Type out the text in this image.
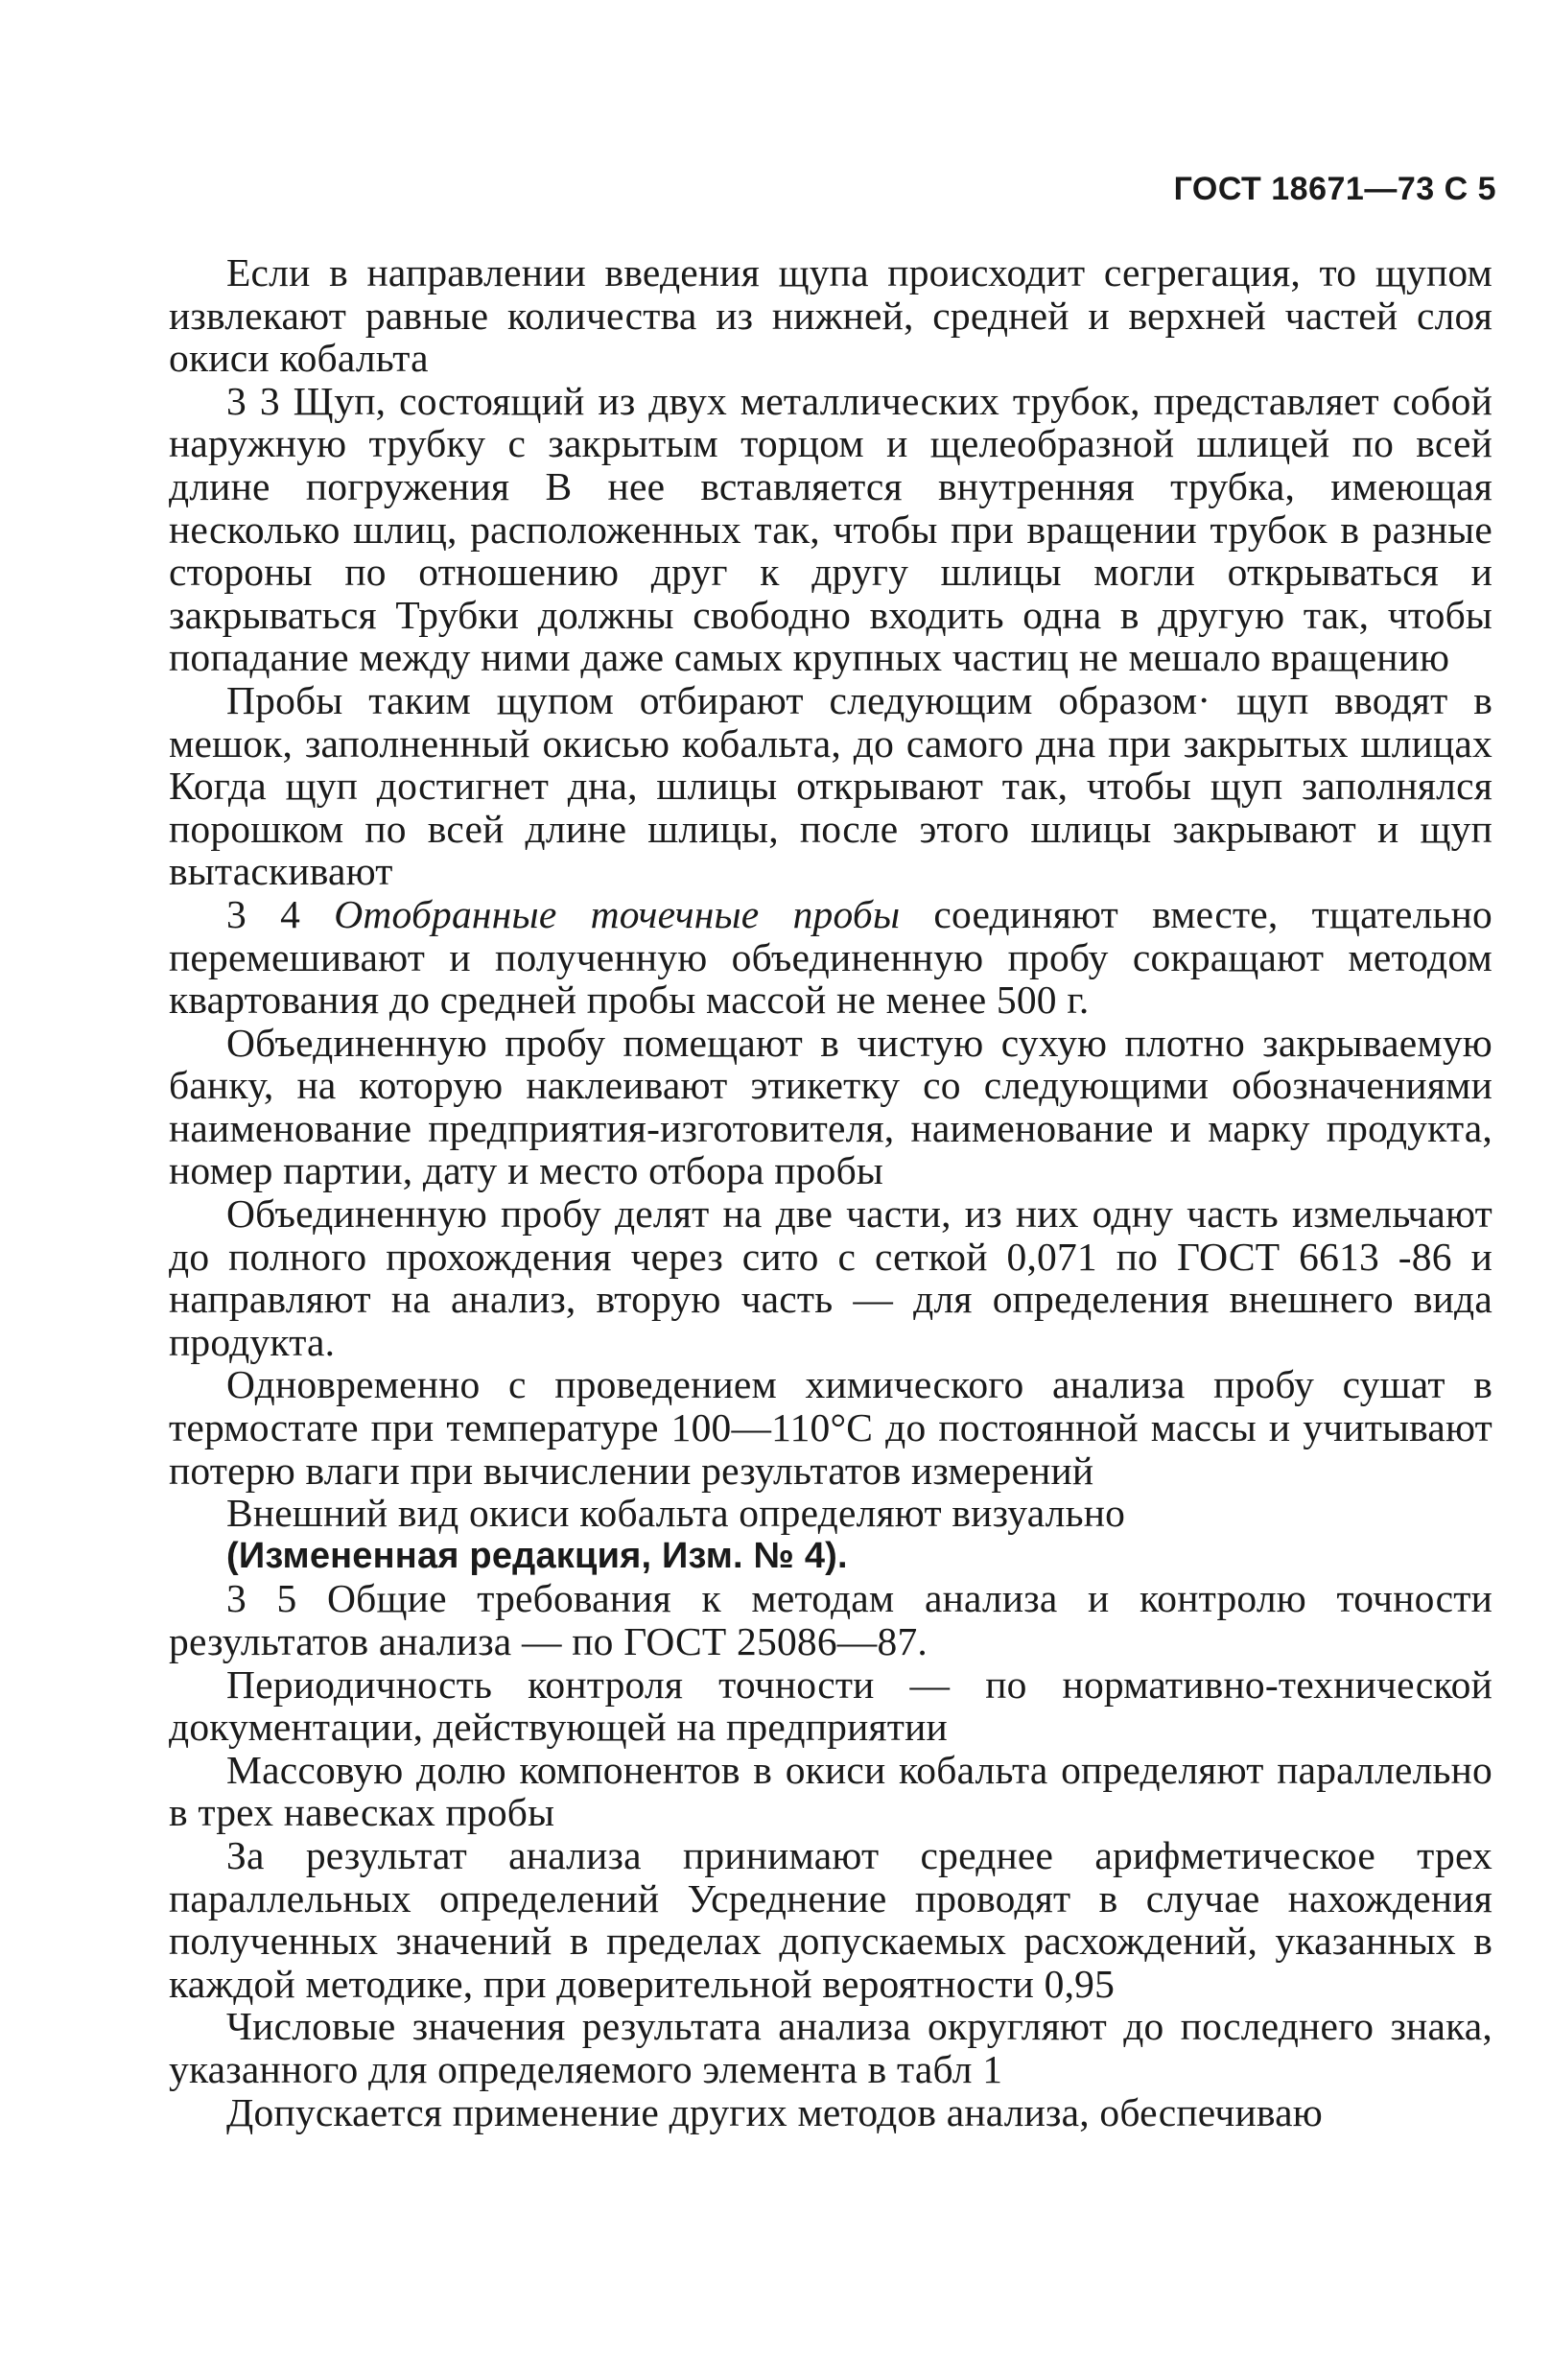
ГОСТ 18671—73 С 5

Если в направлении введения щупа происходит сегрегация, то щупом извлекают равные количества из нижней, средней и верхней частей слоя окиси кобальта

3 3 Щуп, состоящий из двух металлических трубок, представляет собой наружную трубку с закрытым торцом и щелеобразной шлицей по всей длине погружения В нее вставляется внутренняя трубка, имеющая несколько шлиц, расположенных так, чтобы при вращении трубок в разные стороны по отношению друг к другу шлицы могли открываться и закрываться Трубки должны свободно входить одна в другую так, чтобы попадание между ними даже самых крупных частиц не мешало вращению

Пробы таким щупом отбирают следующим образом· щуп вводят в мешок, заполненный окисью кобальта, до самого дна при закрытых шлицах Когда щуп достигнет дна, шлицы открывают так, чтобы щуп заполнялся порошком по всей длине шлицы, после этого шлицы закрывают и щуп вытаскивают

3 4 Отобранные точечные пробы соединяют вместе, тщательно перемешивают и полученную объединенную пробу сокращают методом квартования до средней пробы массой не менее 500 г.

Объединенную пробу помещают в чистую сухую плотно закрываемую банку, на которую наклеивают этикетку со следующими обозначениями наименование предприятия-изготовителя, наименование и марку продукта, номер партии, дату и место отбора пробы

Объединенную пробу делят на две части, из них одну часть измельчают до полного прохождения через сито с сеткой 0,071 по ГОСТ 6613 -86 и направляют на анализ, вторую часть — для определения внешнего вида продукта.

Одновременно с проведением химического анализа пробу сушат в термостате при температуре 100—110°С до постоянной массы и учитывают потерю влаги при вычислении результатов измерений

Внешний вид окиси кобальта определяют визуально

(Измененная редакция, Изм. № 4).

3 5 Общие требования к методам анализа и контролю точности результатов анализа — по ГОСТ 25086—87.

Периодичность контроля точности — по нормативно-технической документации, действующей на предприятии

Массовую долю компонентов в окиси кобальта определяют параллельно в трех навесках пробы

За результат анализа принимают среднее арифметическое трех параллельных определений Усреднение проводят в случае нахождения полученных значений в пределах допускаемых расхождений, указанных в каждой методике, при доверительной вероятности 0,95

Числовые значения результата анализа округляют до последнего знака, указанного для определяемого элемента в табл 1

Допускается применение других методов анализа, обеспечиваю
